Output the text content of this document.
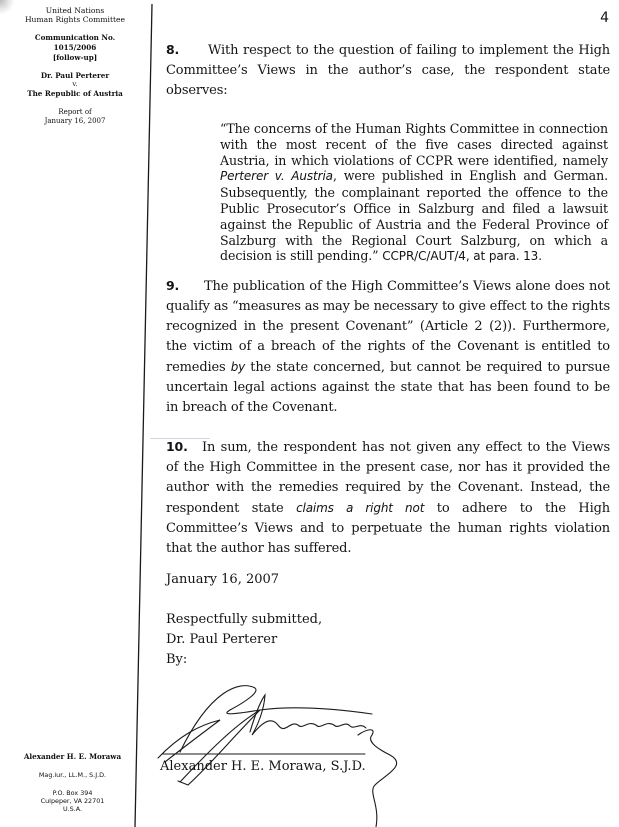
United Nations
Human Rights Committee
Communication No.
1015/2006
[follow-up]
Dr. Paul Perterer
v.
The Republic of Austria
Report of
January 16, 2007
Alexander H. E. Morawa
Mag.iur., LL.M., S.J.D.
P.O. Box 394
Culpeper, VA 22701
U.S.A.
4
8. With respect to the question of failing to implement the High Committee’s Views in the author’s case, the respondent state observes:
“The concerns of the Human Rights Committee in connection with the most recent of the five cases directed against Austria, in which violations of CCPR were identified, namely Perterer v. Austria, were published in English and German. Subsequently, the complainant reported the offence to the Public Prosecutor’s Office in Salzburg and filed a lawsuit against the Republic of Austria and the Federal Province of Salzburg with the Regional Court Salzburg, on which a decision is still pending.” CCPR/C/AUT/4, at para. 13.
9. The publication of the High Committee’s Views alone does not qualify as “measures as may be necessary to give effect to the rights recognized in the present Covenant” (Article 2 (2)). Furthermore, the victim of a breach of the rights of the Covenant is entitled to remedies by the state concerned, but cannot be required to pursue uncertain legal actions against the state that has been found to be in breach of the Covenant.
10. In sum, the respondent has not given any effect to the Views of the High Committee in the present case, nor has it provided the author with the remedies required by the Covenant. Instead, the respondent state claims a right not to adhere to the High Committee’s Views and to perpetuate the human rights violation that the author has suffered.
January 16, 2007
Respectfully submitted,
Dr. Paul Perterer
By:
Alexander H. E. Morawa, S.J.D.
